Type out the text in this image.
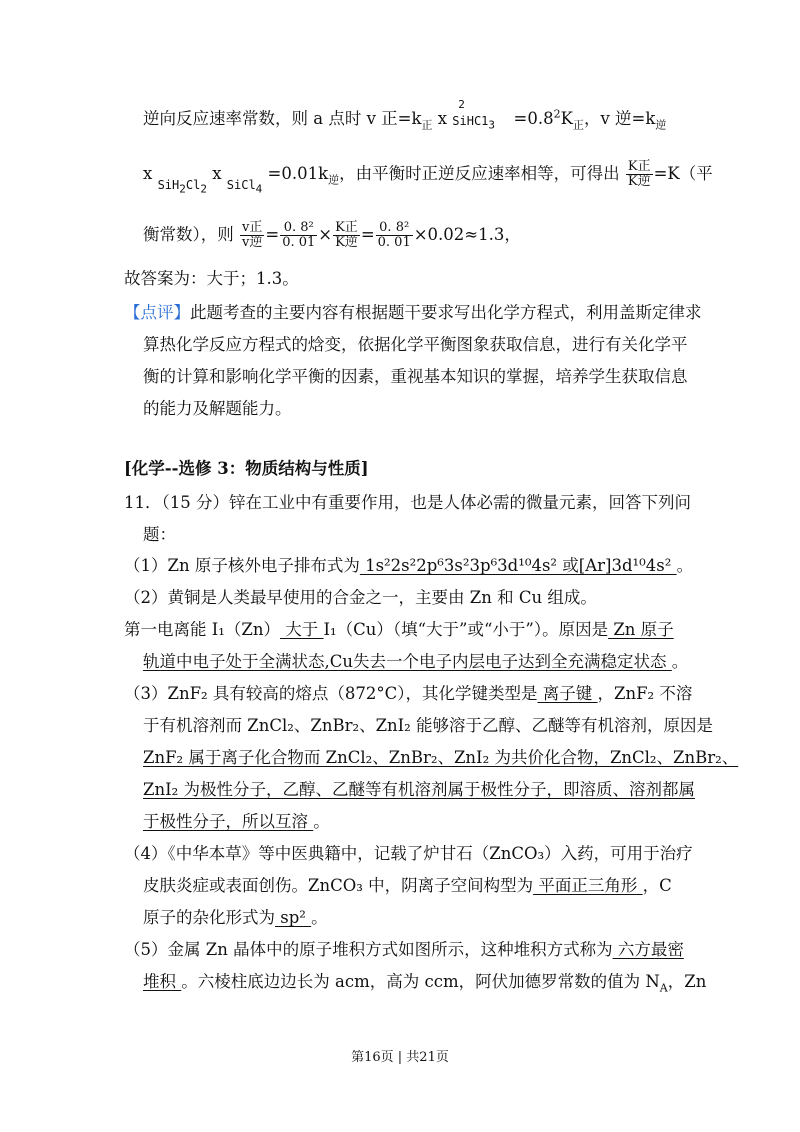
逆向反应速率常数，则 a 点时 v 正$=k_正$ x
2
$SiHC1_3 =0.8^2K_正$，v 逆$=k_逆$
x $_{SiH_2Cl_2}$ x $_{SiCl_4} =0.01k_逆$，由平衡时正逆反应速率相等，可得出 $\frac{\text{K正}}{\text{K逆}} =K$（平
衡常数），则 $\frac{\text{v正}}{\text{v逆}} = \frac{\text{0. 8²}}{0. 01} \times \frac{\text{K正}}{\text{K逆}} = \frac{\text{0. 8²}}{0. 01} \times 0.02\approx 1.3$，
故答案为：大于；1.3。
【点评】此题考查的主要内容有根据题干要求写出化学方程式，利用盖斯定律求
算热化学反应方程式的焓变，依据化学平衡图象获取信息，进行有关化学平
衡的计算和影响化学平衡的因素，重视基本知识的掌握，培养学生获取信息
的能力及解题能力。
[化学--选修 3：物质结构与性质]
11．（15 分）锌在工业中有重要作用，也是人体必需的微量元素，回答下列问
题：
（1）Zn 原子核外电子排布式为 1s²2s²2p⁶3s²3p⁶3d¹⁰4s² 或[Ar]3d¹⁰4s² 。
（2）黄铜是人类最早使用的合金之一，主要由 Zn 和 Cu 组成。
第一电离能 I₁（Zn） 大于 I₁（Cu）（填“大于”或“小于”）。原因是 Zn 原子
轨道中电子处于全满状态,Cu失去一个电子内层电子达到全充满稳定状态 。
（3）ZnF₂ 具有较高的熔点（872°C），其化学键类型是 离子键 ，ZnF₂ 不溶
于有机溶剂而 ZnCl₂、ZnBr₂、ZnI₂ 能够溶于乙醇、乙醚等有机溶剂，原因是
ZnF₂ 属于离子化合物而 ZnCl₂、ZnBr₂、ZnI₂ 为共价化合物，ZnCl₂、ZnBr₂、
ZnI₂ 为极性分子，乙醇、乙醚等有机溶剂属于极性分子，即溶质、溶剂都属
于极性分子，所以互溶 。
（4）《中华本草》等中医典籍中，记载了炉甘石（ZnCO₃）入药，可用于治疗
皮肤炎症或表面创伤。ZnCO₃ 中，阴离子空间构型为 平面正三角形 ，C
原子的杂化形式为 sp² 。
（5）金属 Zn 晶体中的原子堆积方式如图所示，这种堆积方式称为 六方最密
堆积 。六棱柱底边边长为 acm，高为 ccm，阿伏加德罗常数的值为 $N_A$，Zn
第16页 | 共21页
